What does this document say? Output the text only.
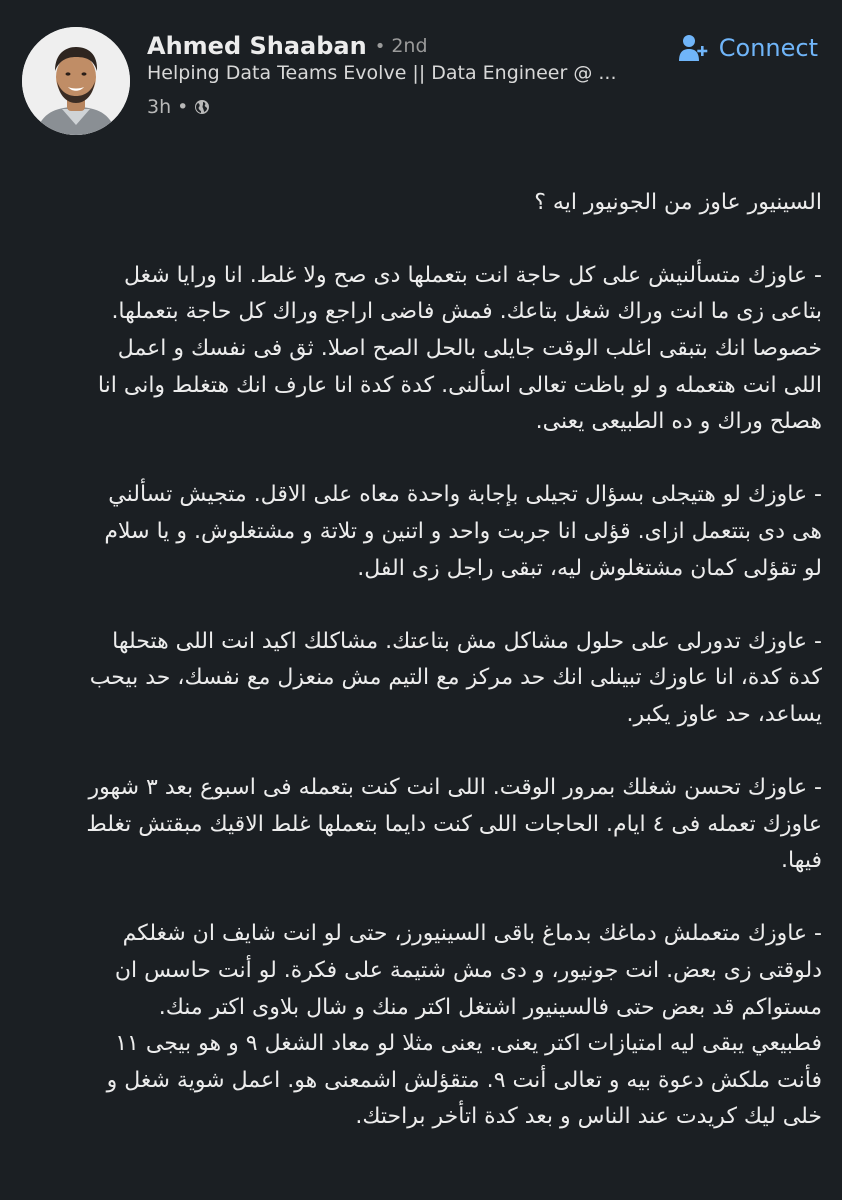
Ahmed Shaaban • 2nd
Helping Data Teams Evolve || Data Engineer @ ...
3h •
Connect

السينيور عاوز من الجونيور ايه ؟

- عاوزك متسألنيش على كل حاجة انت بتعملها دى صح ولا غلط. انا ورايا شغل
بتاعى زى ما انت وراك شغل بتاعك. فمش فاضى اراجع وراك كل حاجة بتعملها.
خصوصا انك بتبقى اغلب الوقت جايلى بالحل الصح اصلا. ثق فى نفسك و اعمل
اللى انت هتعمله و لو باظت تعالى اسألنى. كدة كدة انا عارف انك هتغلط وانى انا
هصلح وراك و ده الطبيعى يعنى.

- عاوزك لو هتيجلى بسؤال تجيلى بإجابة واحدة معاه على الاقل. متجيش تسألني
هى دى بتتعمل ازاى. قؤلى انا جربت واحد و اتنين و تلاتة و مشتغلوش. و يا سلام
لو تقؤلى كمان مشتغلوش ليه، تبقى راجل زى الفل.

- عاوزك تدورلى على حلول مشاكل مش بتاعتك. مشاكلك اكيد انت اللى هتحلها
كدة كدة، انا عاوزك تبينلى انك حد مركز مع التيم مش منعزل مع نفسك، حد بيحب
يساعد، حد عاوز يكبر.

- عاوزك تحسن شغلك بمرور الوقت. اللى انت كنت بتعمله فى اسبوع بعد ٣ شهور
عاوزك تعمله فى ٤ ايام. الحاجات اللى كنت دايما بتعملها غلط الاقيك مبقتش تغلط
فيها.

- عاوزك متعملش دماغك بدماغ باقى السينيورز، حتى لو انت شايف ان شغلكم
دلوقتى زى بعض. انت جونيور، و دى مش شتيمة على فكرة. لو أنت حاسس ان
مستواكم قد بعض حتى فالسينيور اشتغل اكتر منك و شال بلاوى اكتر منك.
فطبيعي يبقى ليه امتيازات اكتر يعنى. يعنى مثلا لو معاد الشغل ٩ و هو بيجى ١١
فأنت ملكش دعوة بيه و تعالى أنت ٩. متقؤلش اشمعنى هو. اعمل شوية شغل و
خلى ليك كريدت عند الناس و بعد كدة اتأخر براحتك.
